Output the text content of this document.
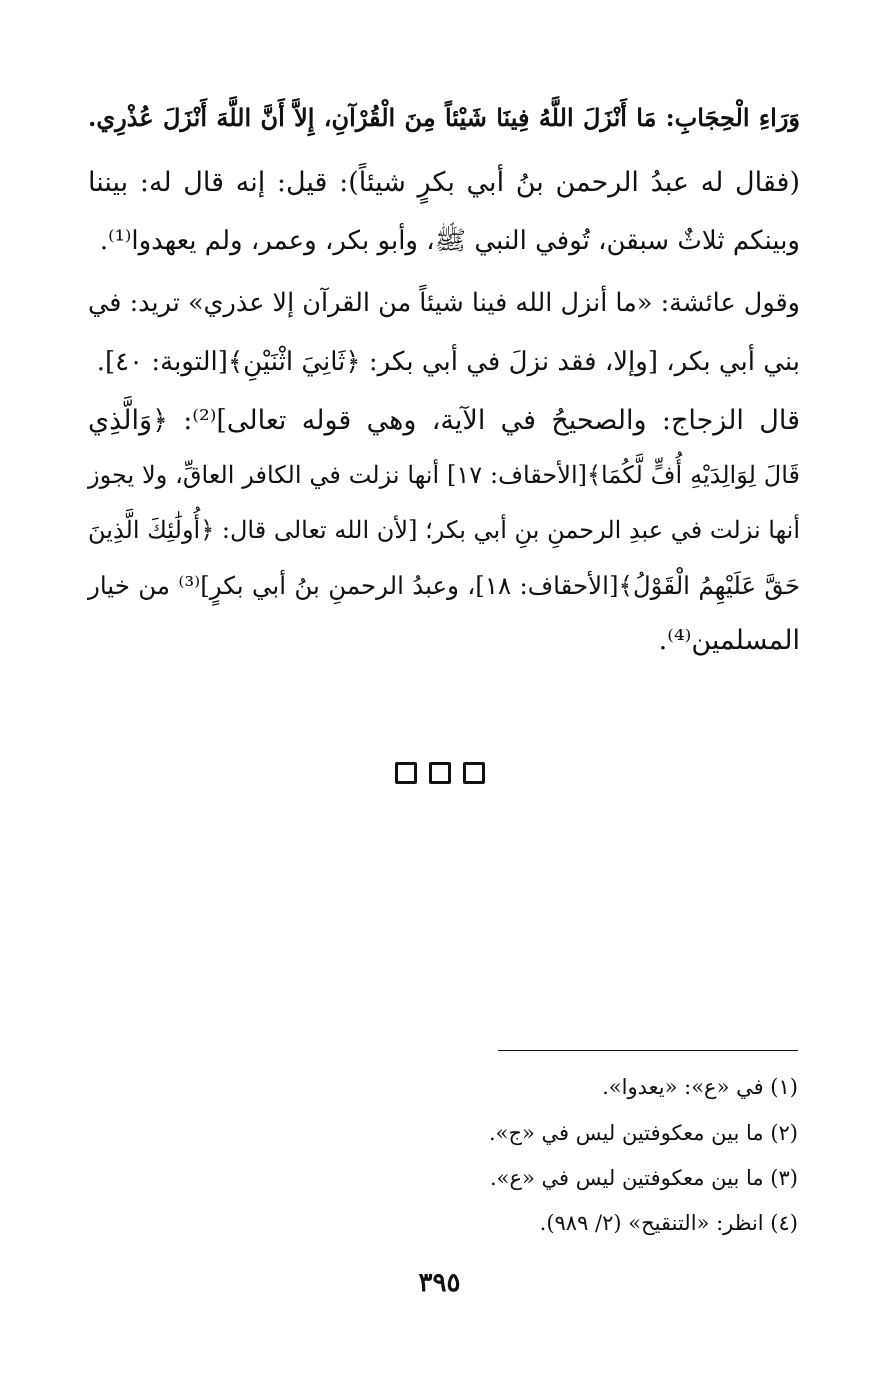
وَرَاءِ الْحِجَابِ: مَا أَنْزَلَ اللَّهُ فِينَا شَيْئاً مِنَ الْقُرْآنِ، إِلاَّ أَنَّ اللَّهَ أَنْزَلَ عُذْرِي.
(فقال له عبدُ الرحمن بنُ أبي بكرٍ شيئاً): قيل: إنه قال له: بيننا
وبينكم ثلاثٌ سبقن، تُوفي النبي ﷺ، وأبو بكر، وعمر، ولم يعهدوا⁽¹⁾.
وقول عائشة: «ما أنزل الله فينا شيئاً من القرآن إلا عذري» تريد: في
بني أبي بكر، [وإلا، فقد نزلَ في أبي بكر: ﴿ثَانِيَ اثْنَيْنِ﴾[التوبة: ٤٠].
قال الزجاج: والصحيحُ في الآية، وهي قوله تعالى]⁽²⁾: ﴿وَالَّذِي
قَالَ لِوَالِدَيْهِ أُفٍّ لَّكُمَا﴾[الأحقاف: ١٧] أنها نزلت في الكافر العاقِّ، ولا يجوز
أنها نزلت في عبدِ الرحمنِ بنِ أبي بكر؛ [لأن الله تعالى قال: ﴿أُولَٰئِكَ الَّذِينَ
حَقَّ عَلَيْهِمُ الْقَوْلُ﴾[الأحقاف: ١٨]، وعبدُ الرحمنِ بنُ أبي بكرٍ]⁽³⁾ من خيار
المسلمين⁽⁴⁾.
(١) في «ع»: «يعدوا».
(٢) ما بين معكوفتين ليس في «ج».
(٣) ما بين معكوفتين ليس في «ع».
(٤) انظر: «التنقيح» (٢/ ٩٨٩).
٣٩٥
